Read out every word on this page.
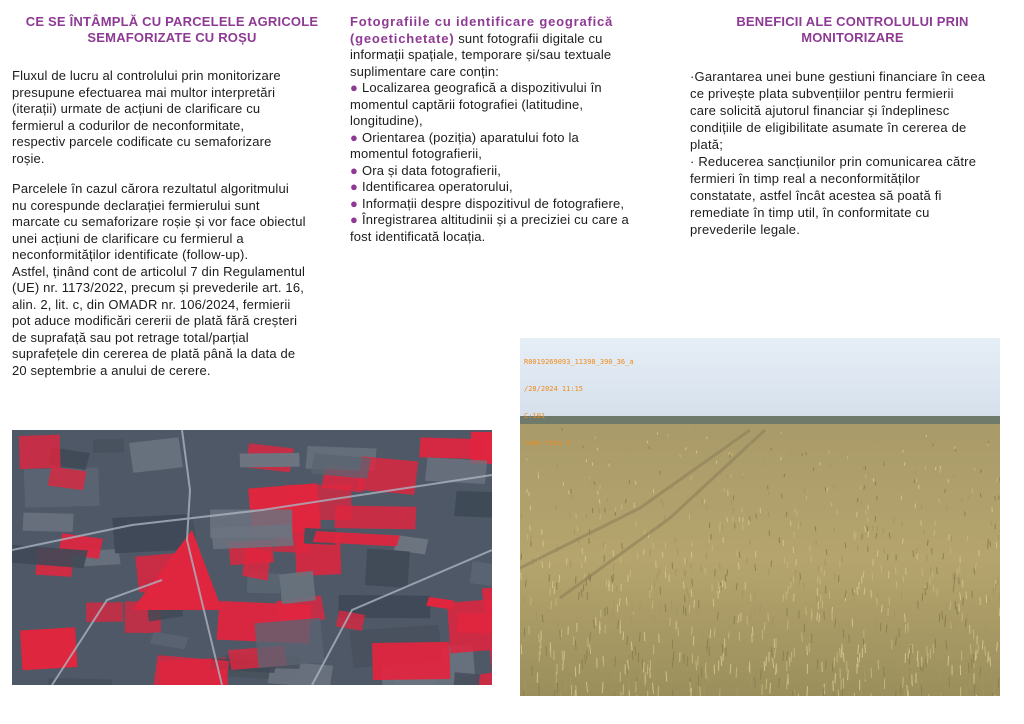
CE SE ÎNTÂMPLĂ CU PARCELELE AGRICOLE
SEMAFORIZATE CU ROȘU

Fluxul de lucru al controlului prin monitorizare
presupune efectuarea mai multor interpretări
(iterații) urmate de acțiuni de clarificare cu
fermierul a codurilor de neconformitate,
respectiv parcele codificate cu semaforizare
roșie.

Parcelele în cazul cărora rezultatul algoritmului
nu corespunde declarației fermierului sunt
marcate cu semaforizare roșie și vor face obiectul
unei acțiuni de clarificare cu fermierul a
neconformităților identificate (follow-up).
Astfel, ținând cont de articolul 7 din Regulamentul
(UE) nr. 1173/2022, precum și prevederile art. 16,
alin. 2, lit. c, din OMADR nr. 106/2024, fermierii
pot aduce modificări cererii de plată fără creșteri
de suprafață sau pot retrage total/parțial
suprafețele din cererea de plată până la data de
20 septembrie a anului de cerere.

Fotografiile cu identificare geografică
(geoetichetate) sunt fotografii digitale cu
informații spațiale, temporare și/sau textuale
suplimentare care conțin:

● Localizarea geografică a dispozitivului în
momentul captării fotografiei (latitudine,
longitudine),
● Orientarea (poziția) aparatului foto la
momentul fotografierii,
● Ora și data fotografierii,
● Identificarea operatorului,
● Informații despre dispozitivul de fotografiere,
● Înregistrarea altitudinii și a preciziei cu care a
fost identificată locația.
BENEFICII ALE CONTROLULUI PRIN
MONITORIZARE

·Garantarea unei bune gestiuni financiare în ceea
ce privește plata subvențiilor pentru fermierii
care solicită ajutorul financiar și îndeplinesc
condițiile de eligibilitate asumate în cererea de
plată;

· Reducerea sancțiunilor prin comunicarea către
fermieri în timp real a neconformităților
constatate, astfel încât acestea să poată fi
remediate în timp util, în conformitate cu
prevederile legale.

R0019269093_11398_390_36_a

/28/2024 11:15

C:101

lume foto 2
